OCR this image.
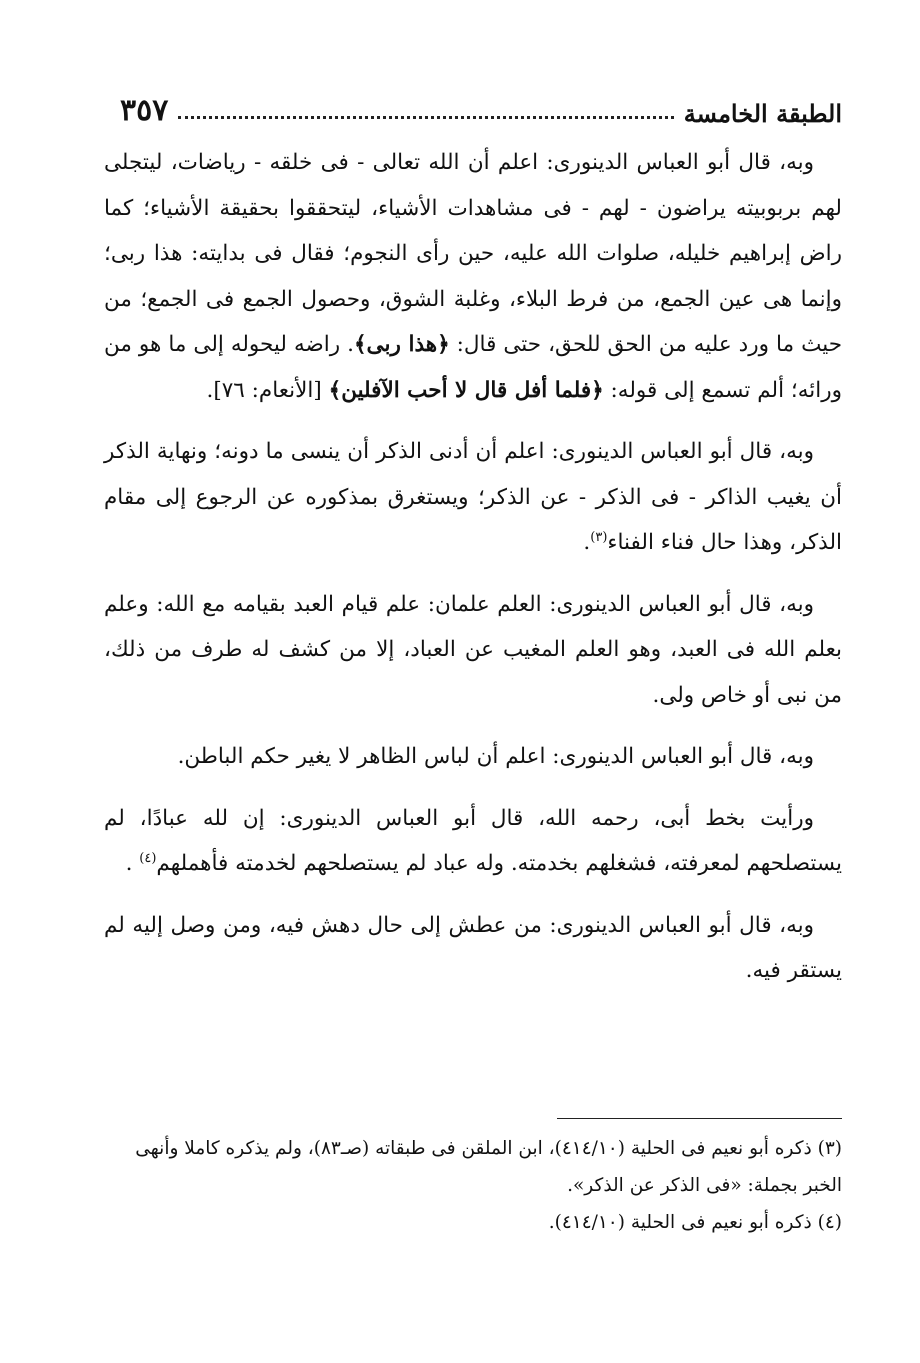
الطبقة الخامسة
٣٥٧

وبه، قال أبو العباس الدينورى: اعلم أن الله تعالى - فى خلقه - رياضات، ليتجلى لهم بربوبيته يراضون - لهم - فى مشاهدات الأشياء، ليتحققوا بحقيقة الأشياء؛ كما راض إبراهيم خليله، صلوات الله عليه، حين رأى النجوم؛ فقال فى بدايته: هذا ربى؛ وإنما هى عين الجمع، من فرط البلاء، وغلبة الشوق، وحصول الجمع فى الجمع؛ من حيث ما ورد عليه من الحق للحق، حتى قال: ﴿هذا ربى﴾. راضه ليحوله إلى ما هو من ورائه؛ ألم تسمع إلى قوله: ﴿فلما أفل قال لا أحب الآفلين﴾ [الأنعام: ٧٦].

وبه، قال أبو العباس الدينورى: اعلم أن أدنى الذكر أن ينسى ما دونه؛ ونهاية الذكر أن يغيب الذاكر - فى الذكر - عن الذكر؛ ويستغرق بمذكوره عن الرجوع إلى مقام الذكر، وهذا حال فناء الفناء$^{(٣)}$.

وبه، قال أبو العباس الدينورى: العلم علمان: علم قيام العبد بقيامه مع الله: وعلم بعلم الله فى العبد، وهو العلم المغيب عن العباد، إلا من كشف له طرف من ذلك، من نبى أو خاص ولى.

وبه، قال أبو العباس الدينورى: اعلم أن لباس الظاهر لا يغير حكم الباطن.

ورأيت بخط أبى، رحمه الله، قال أبو العباس الدينورى: إن لله عبادًا، لم يستصلحهم لمعرفته، فشغلهم بخدمته. وله عباد لم يستصلحهم لخدمته فأهملهم$^{(٤)}$ .

وبه، قال أبو العباس الدينورى: من عطش إلى حال دهش فيه، ومن وصل إليه لم يستقر فيه.

(٣) ذكره أبو نعيم فى الحلية (٤١٤/١٠)، ابن الملقن فى طبقاته (صـ٨٣)، ولم يذكره كاملا وأنهى الخبر بجملة: «فى الذكر عن الذكر».

(٤) ذكره أبو نعيم فى الحلية (٤١٤/١٠).
